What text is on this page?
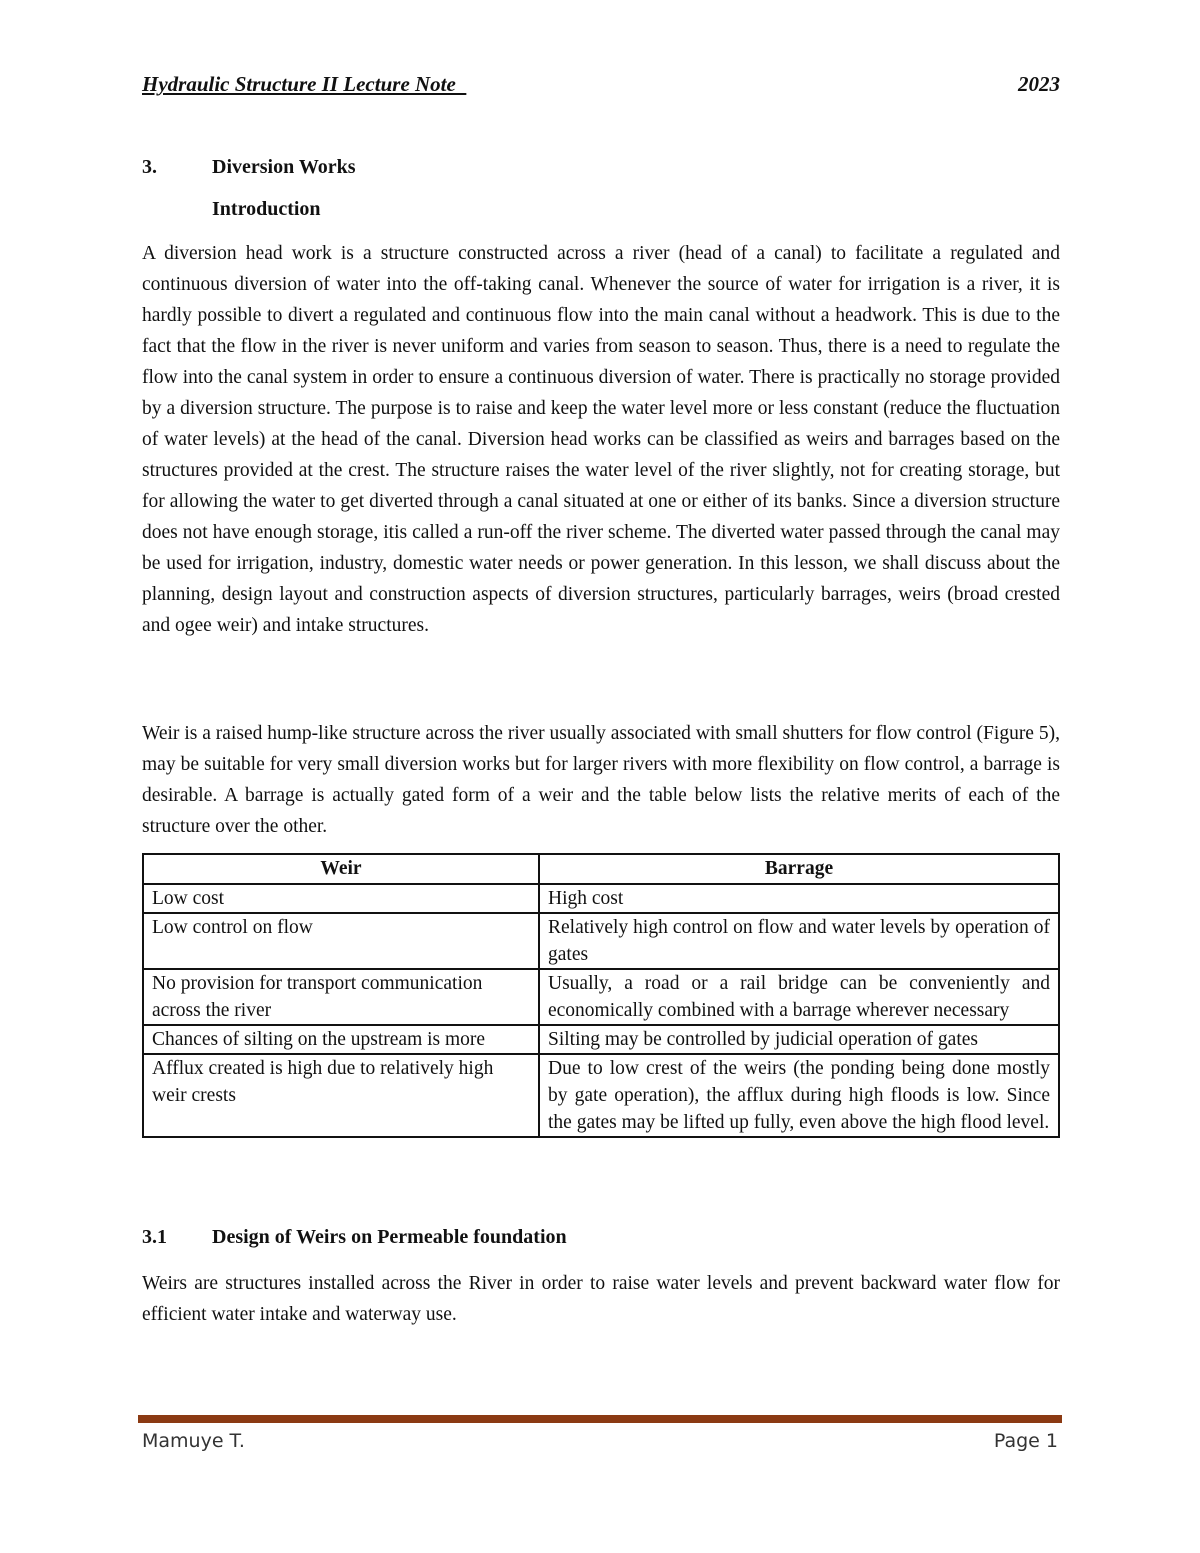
Hydraulic Structure II Lecture Note	2023
3.	Diversion Works
Introduction

A diversion head work is a structure constructed across a river (head of a canal) to facilitate a regulated and continuous diversion of water into the off-taking canal. Whenever the source of water for irrigation is a river, it is hardly possible to divert a regulated and continuous flow into the main canal without a headwork. This is due to the fact that the flow in the river is never uniform and varies from season to season. Thus, there is a need to regulate the flow into the canal system in order to ensure a continuous diversion of water. There is practically no storage provided by a diversion structure. The purpose is to raise and keep the water level more or less constant (reduce the fluctuation of water levels) at the head of the canal. Diversion head works can be classified as weirs and barrages based on the structures provided at the crest. The structure raises the water level of the river slightly, not for creating storage, but for allowing the water to get diverted through a canal situated at one or either of its banks. Since a diversion structure does not have enough storage, itis called a run-off the river scheme. The diverted water passed through the canal may be used for irrigation, industry, domestic water needs or power generation. In this lesson, we shall discuss about the planning, design layout and construction aspects of diversion structures, particularly barrages, weirs (broad crested and ogee weir) and intake structures.

Weir is a raised hump-like structure across the river usually associated with small shutters for flow control (Figure 5), may be suitable for very small diversion works but for larger rivers with more flexibility on flow control, a barrage is desirable. A barrage is actually gated form of a weir and the table below lists the relative merits of each of the structure over the other.

Weir	Barrage
Low cost	High cost
Low control on flow	Relatively high control on flow and water levels by operation of gates
No provision for transport communication across the river	Usually, a road or a rail bridge can be conveniently and economically combined with a barrage wherever necessary
Chances of silting on the upstream is more	Silting may be controlled by judicial operation of gates
Afflux created is high due to relatively high weir crests	Due to low crest of the weirs (the ponding being done mostly by gate operation), the afflux during high floods is low. Since the gates may be lifted up fully, even above the high flood level.
3.1 Design of Weirs on Permeable foundation

Weirs are structures installed across the River in order to raise water levels and prevent backward water flow for efficient water intake and waterway use.

Mamuye T.	Page 1
